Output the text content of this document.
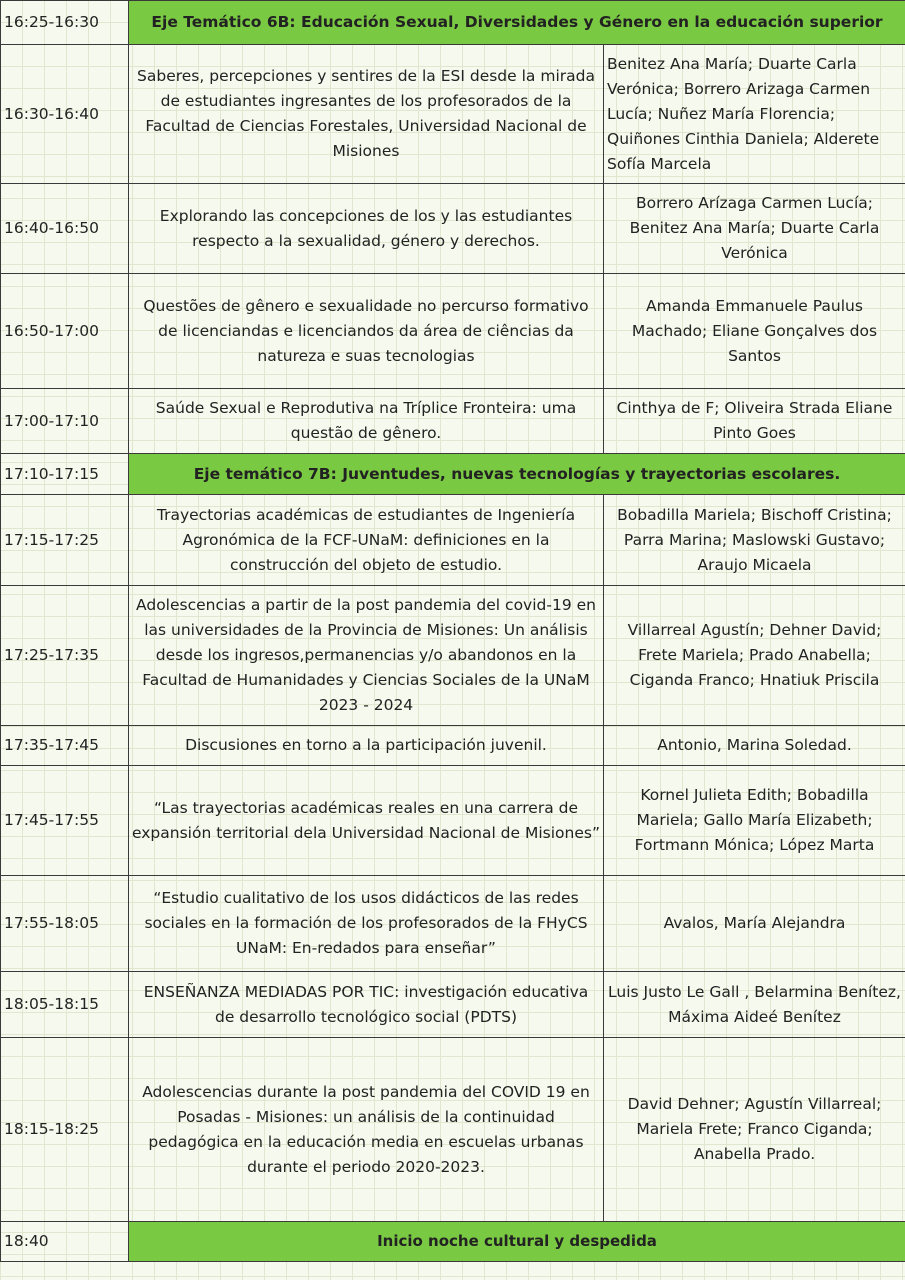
16:25-16:30	Eje Temático 6B: Educación Sexual, Diversidades y Género en la educación superior	
16:30-16:40	Saberes, percepciones y sentires de la ESI desde la mirada de estudiantes ingresantes de los profesorados de la Facultad de Ciencias Forestales, Universidad Nacional de Misiones	Benitez Ana María; Duarte Carla Verónica; Borrero Arizaga Carmen Lucía; Nuñez María Florencia; Quiñones Cinthia Daniela; Alderete Sofía Marcela
16:40-16:50	Explorando las concepciones de los y las estudiantes respecto a la sexualidad, género y derechos.	Borrero Arízaga Carmen Lucía; Benitez Ana María; Duarte Carla Verónica
16:50-17:00	Questões de gênero e sexualidade no percurso formativo de licenciandas e licenciandos da área de ciências da natureza e suas tecnologias	Amanda Emmanuele Paulus Machado; Eliane Gonçalves dos Santos
17:00-17:10	Saúde Sexual e Reprodutiva na Tríplice Fronteira: uma questão de gênero.	Cinthya de F; Oliveira Strada Eliane Pinto Goes
17:10-17:15	Eje temático 7B: Juventudes, nuevas tecnologías y trayectorias escolares.	
17:15-17:25	Trayectorias académicas de estudiantes de Ingeniería Agronómica de la FCF-UNaM: definiciones en la construcción del objeto de estudio.	Bobadilla Mariela; Bischoff Cristina; Parra Marina; Maslowski Gustavo; Araujo Micaela
17:25-17:35	Adolescencias a partir de la post pandemia del covid-19 en las universidades de la Provincia de Misiones: Un análisis desde los ingresos,permanencias y/o abandonos en la Facultad de Humanidades y Ciencias Sociales de la UNaM 2023 - 2024	Villarreal Agustín; Dehner David; Frete Mariela; Prado Anabella; Ciganda Franco; Hnatiuk Priscila
17:35-17:45	Discusiones en torno a la participación juvenil.	Antonio, Marina Soledad.
17:45-17:55	“Las trayectorias académicas reales en una carrera de expansión territorial dela Universidad Nacional de Misiones”	Kornel Julieta Edith; Bobadilla Mariela; Gallo María Elizabeth; Fortmann Mónica; López Marta
17:55-18:05	“Estudio cualitativo de los usos didácticos de las redes sociales en la formación de los profesorados de la FHyCS UNaM: En-redados para enseñar”	Avalos, María Alejandra
18:05-18:15	ENSEÑANZA MEDIADAS POR TIC: investigación educativa de desarrollo tecnológico social (PDTS)	Luis Justo Le Gall , Belarmina Benítez, Máxima Aideé Benítez
18:15-18:25	Adolescencias durante la post pandemia del COVID 19 en Posadas - Misiones: un análisis de la continuidad pedagógica en la educación media en escuelas urbanas durante el periodo 2020-2023.	David Dehner; Agustín Villarreal; Mariela Frete; Franco Ciganda; Anabella Prado.
18:40	Inicio noche cultural y despedida	
